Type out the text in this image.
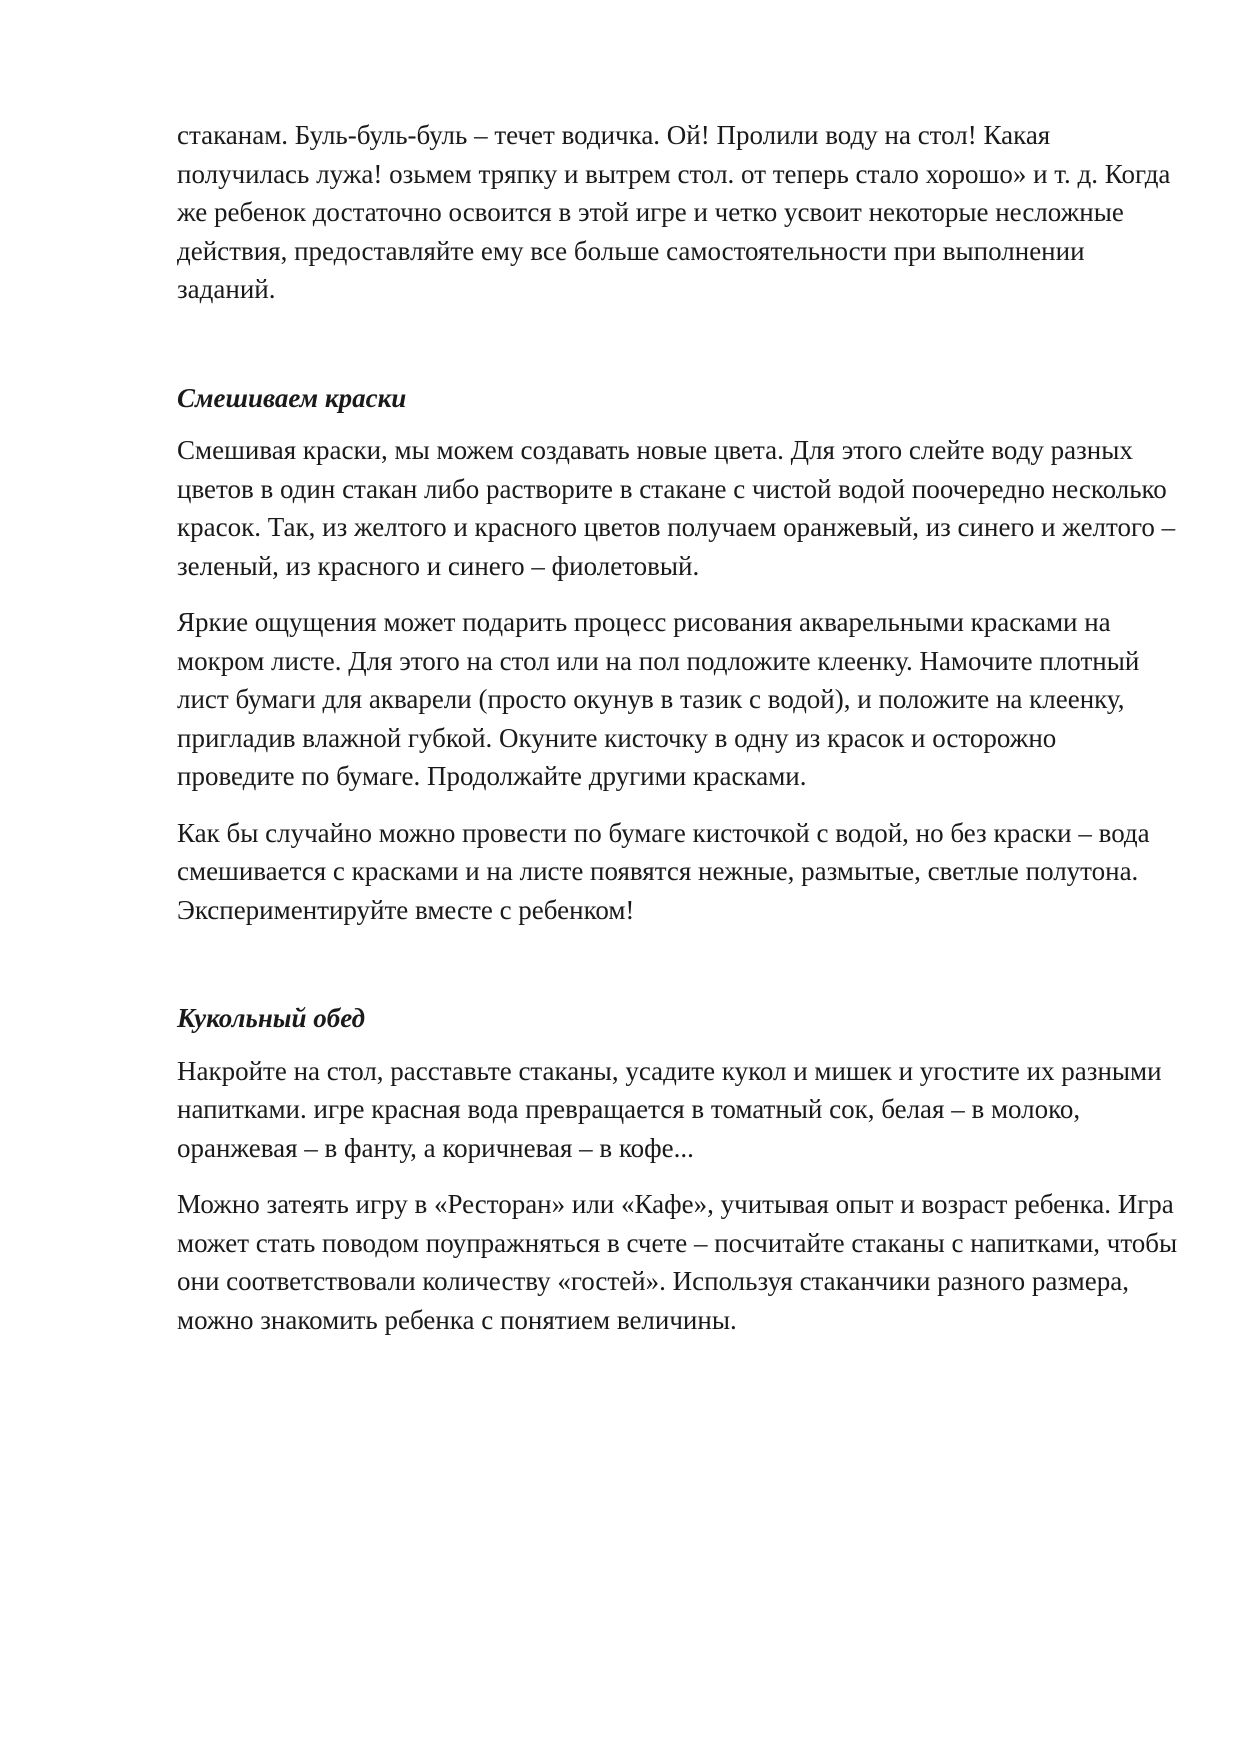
стаканам. Буль-буль-буль – течет водичка. Ой! Пролили воду на стол! Какая получилась лужа! озьмем тряпку и вытрем стол. от теперь стало хорошо» и т. д. Когда же ребенок достаточно освоится в этой игре и четко усвоит некоторые несложные действия, предоставляйте ему все больше самостоятельности при выполнении заданий.

Смешиваем краски

Смешивая краски, мы можем создавать новые цвета. Для этого слейте воду разных цветов в один стакан либо растворите в стакане с чистой водой поочередно несколько красок. Так, из желтого и красного цветов получаем оранжевый, из синего и желтого – зеленый, из красного и синего – фиолетовый.

Яркие ощущения может подарить процесс рисования акварельными красками на мокром листе. Для этого на стол или на пол подложите клеенку. Намочите плотный лист бумаги для акварели (просто окунув в тазик с водой), и положите на клеенку, пригладив влажной губкой. Окуните кисточку в одну из красок и осторожно проведите по бумаге. Продолжайте другими красками.

Как бы случайно можно провести по бумаге кисточкой с водой, но без краски – вода смешивается с красками и на листе появятся нежные, размытые, светлые полутона. Экспериментируйте вместе с ребенком!

Кукольный обед

Накройте на стол, расставьте стаканы, усадите кукол и мишек и угостите их разными напитками. игре красная вода превращается в томатный сок, белая – в молоко, оранжевая – в фанту, а коричневая – в кофе...

Можно затеять игру в «Ресторан» или «Кафе», учитывая опыт и возраст ребенка. Игра может стать поводом поупражняться в счете – посчитайте стаканы с напитками, чтобы они соответствовали количеству «гостей». Используя стаканчики разного размера, можно знакомить ребенка с понятием величины.
